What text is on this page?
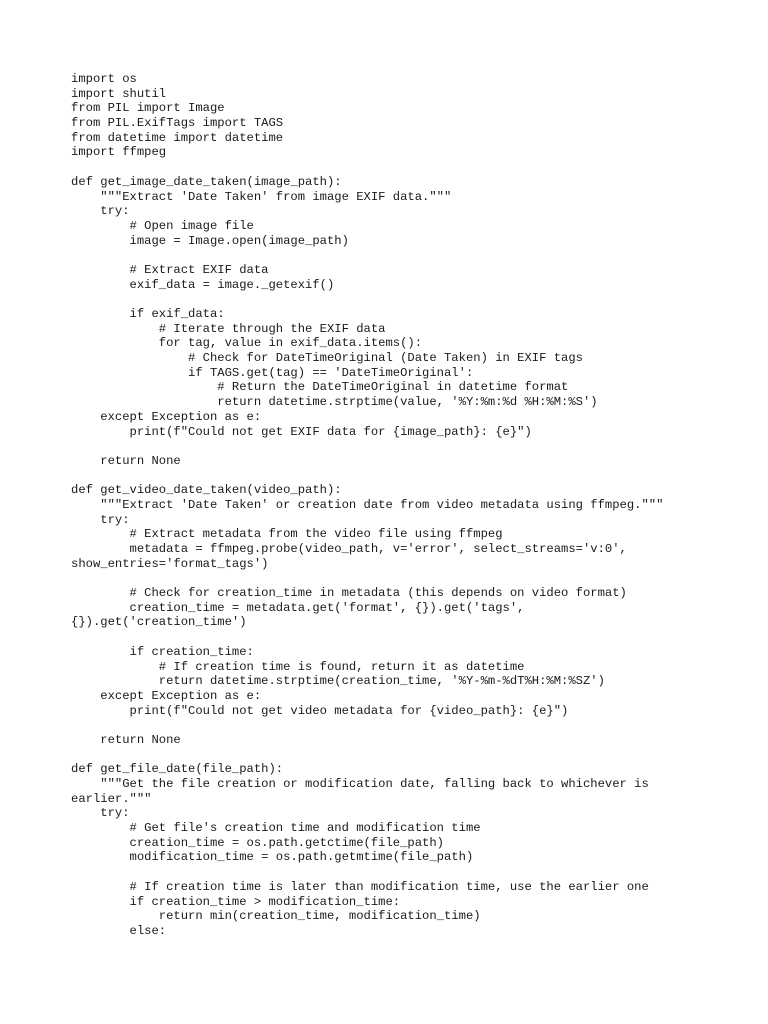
import os
import shutil
from PIL import Image
from PIL.ExifTags import TAGS
from datetime import datetime
import ffmpeg
def get_image_date_taken(image_path):
"""Extract 'Date Taken' from image EXIF data."""
try:
# Open image file
image = Image.open(image_path)
# Extract EXIF data
exif_data = image._getexif()
if exif_data:
# Iterate through the EXIF data
for tag, value in exif_data.items():
# Check for DateTimeOriginal (Date Taken) in EXIF tags
if TAGS.get(tag) == 'DateTimeOriginal':
# Return the DateTimeOriginal in datetime format
return datetime.strptime(value, '%Y:%m:%d %H:%M:%S')
except Exception as e:
print(f"Could not get EXIF data for {image_path}: {e}")
return None
def get_video_date_taken(video_path):
"""Extract 'Date Taken' or creation date from video metadata using ffmpeg."""
try:
# Extract metadata from the video file using ffmpeg
metadata = ffmpeg.probe(video_path, v='error', select_streams='v:0',
show_entries='format_tags')
# Check for creation_time in metadata (this depends on video format)
creation_time = metadata.get('format', {}).get('tags',
{}).get('creation_time')
if creation_time:
# If creation time is found, return it as datetime
return datetime.strptime(creation_time, '%Y-%m-%dT%H:%M:%SZ')
except Exception as e:
print(f"Could not get video metadata for {video_path}: {e}")
return None
def get_file_date(file_path):
"""Get the file creation or modification date, falling back to whichever is
earlier."""
try:
# Get file's creation time and modification time
creation_time = os.path.getctime(file_path)
modification_time = os.path.getmtime(file_path)
# If creation time is later than modification time, use the earlier one
if creation_time > modification_time:
return min(creation_time, modification_time)
else:
